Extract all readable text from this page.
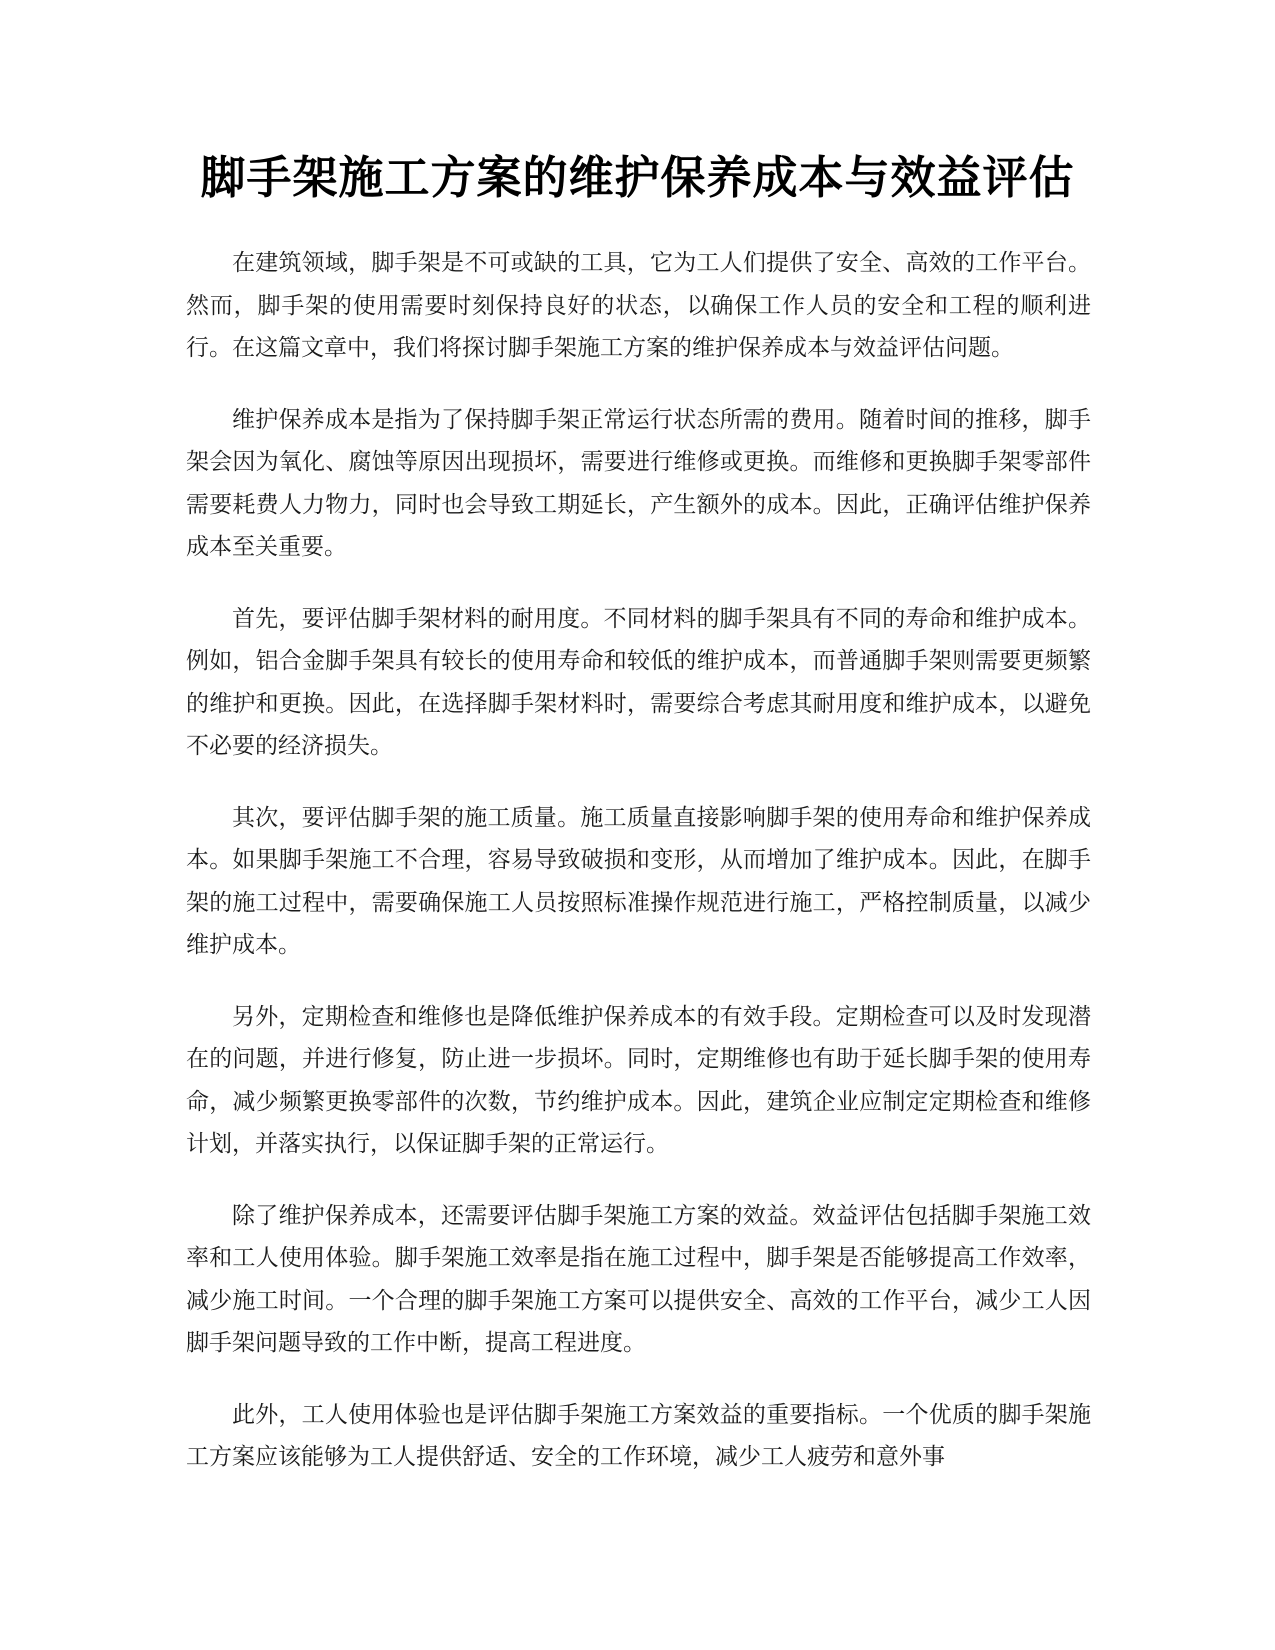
脚手架施工方案的维护保养成本与效益评估

在建筑领域，脚手架是不可或缺的工具，它为工人们提供了安全、高效的工作平台。然而，脚手架的使用需要时刻保持良好的状态，以确保工作人员的安全和工程的顺利进行。在这篇文章中，我们将探讨脚手架施工方案的维护保养成本与效益评估问题。

维护保养成本是指为了保持脚手架正常运行状态所需的费用。随着时间的推移，脚手架会因为氧化、腐蚀等原因出现损坏，需要进行维修或更换。而维修和更换脚手架零部件需要耗费人力物力，同时也会导致工期延长，产生额外的成本。因此，正确评估维护保养成本至关重要。

首先，要评估脚手架材料的耐用度。不同材料的脚手架具有不同的寿命和维护成本。例如，铝合金脚手架具有较长的使用寿命和较低的维护成本，而普通脚手架则需要更频繁的维护和更换。因此，在选择脚手架材料时，需要综合考虑其耐用度和维护成本，以避免不必要的经济损失。

其次，要评估脚手架的施工质量。施工质量直接影响脚手架的使用寿命和维护保养成本。如果脚手架施工不合理，容易导致破损和变形，从而增加了维护成本。因此，在脚手架的施工过程中，需要确保施工人员按照标准操作规范进行施工，严格控制质量，以减少维护成本。

另外，定期检查和维修也是降低维护保养成本的有效手段。定期检查可以及时发现潜在的问题，并进行修复，防止进一步损坏。同时，定期维修也有助于延长脚手架的使用寿命，减少频繁更换零部件的次数，节约维护成本。因此，建筑企业应制定定期检查和维修计划，并落实执行，以保证脚手架的正常运行。

除了维护保养成本，还需要评估脚手架施工方案的效益。效益评估包括脚手架施工效率和工人使用体验。脚手架施工效率是指在施工过程中，脚手架是否能够提高工作效率，减少施工时间。一个合理的脚手架施工方案可以提供安全、高效的工作平台，减少工人因脚手架问题导致的工作中断，提高工程进度。

此外，工人使用体验也是评估脚手架施工方案效益的重要指标。一个优质的脚手架施工方案应该能够为工人提供舒适、安全的工作环境，减少工人疲劳和意外事
